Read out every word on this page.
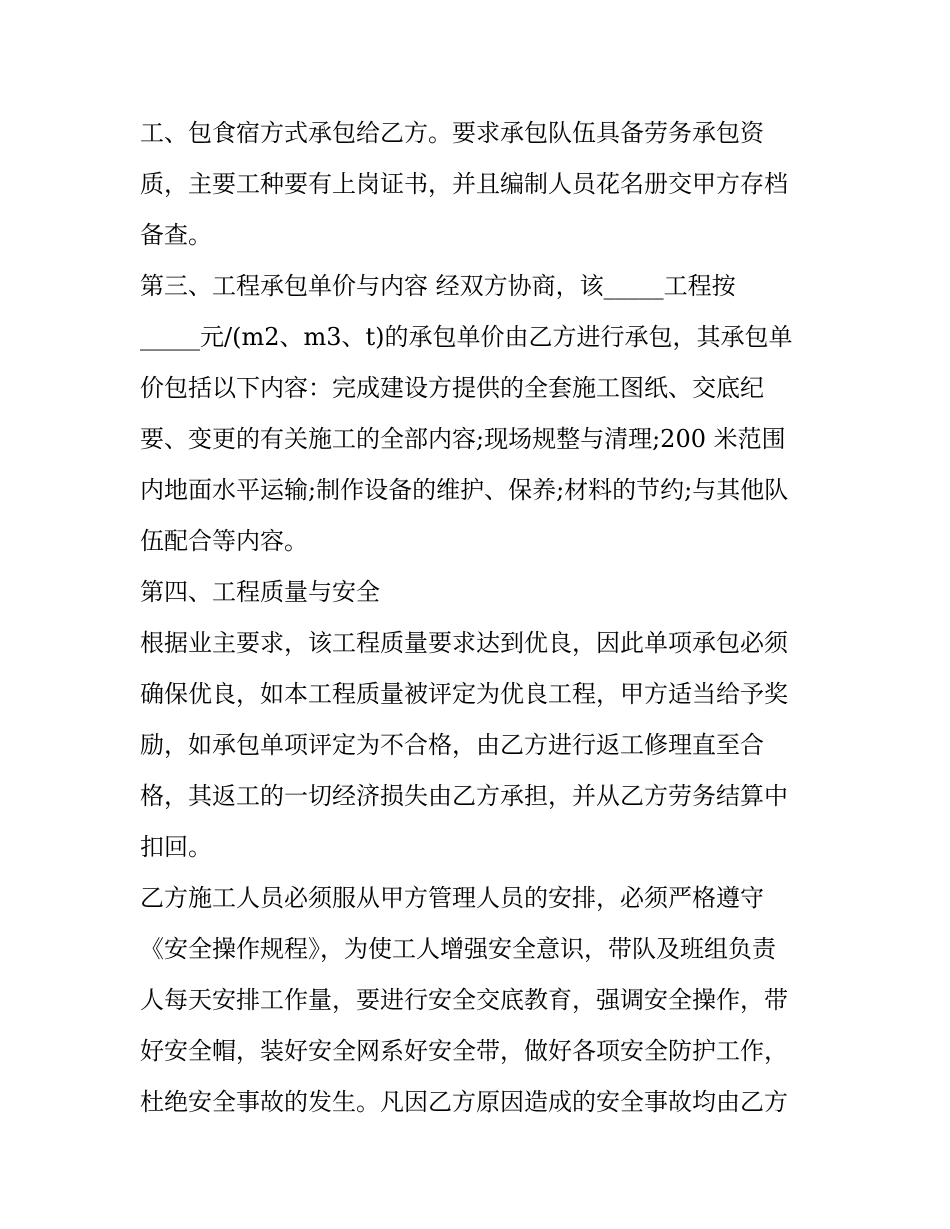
工、包食宿方式承包给乙方。要求承包队伍具备劳务承包资
质，主要工种要有上岗证书，并且编制人员花名册交甲方存档
备查。
第三、工程承包单价与内容 经双方协商，该_____工程按
_____元/(m2、m3、t)的承包单价由乙方进行承包，其承包单
价包括以下内容：完成建设方提供的全套施工图纸、交底纪
要、变更的有关施工的全部内容;现场规整与清理;200 米范围
内地面水平运输;制作设备的维护、保养;材料的节约;与其他队
伍配合等内容。
第四、工程质量与安全
根据业主要求，该工程质量要求达到优良，因此单项承包必须
确保优良，如本工程质量被评定为优良工程，甲方适当给予奖
励，如承包单项评定为不合格，由乙方进行返工修理直至合
格，其返工的一切经济损失由乙方承担，并从乙方劳务结算中
扣回。
乙方施工人员必须服从甲方管理人员的安排，必须严格遵守
《安全操作规程》，为使工人增强安全意识，带队及班组负责
人每天安排工作量，要进行安全交底教育，强调安全操作，带
好安全帽，装好安全网系好安全带，做好各项安全防护工作，
杜绝安全事故的发生。凡因乙方原因造成的安全事故均由乙方
